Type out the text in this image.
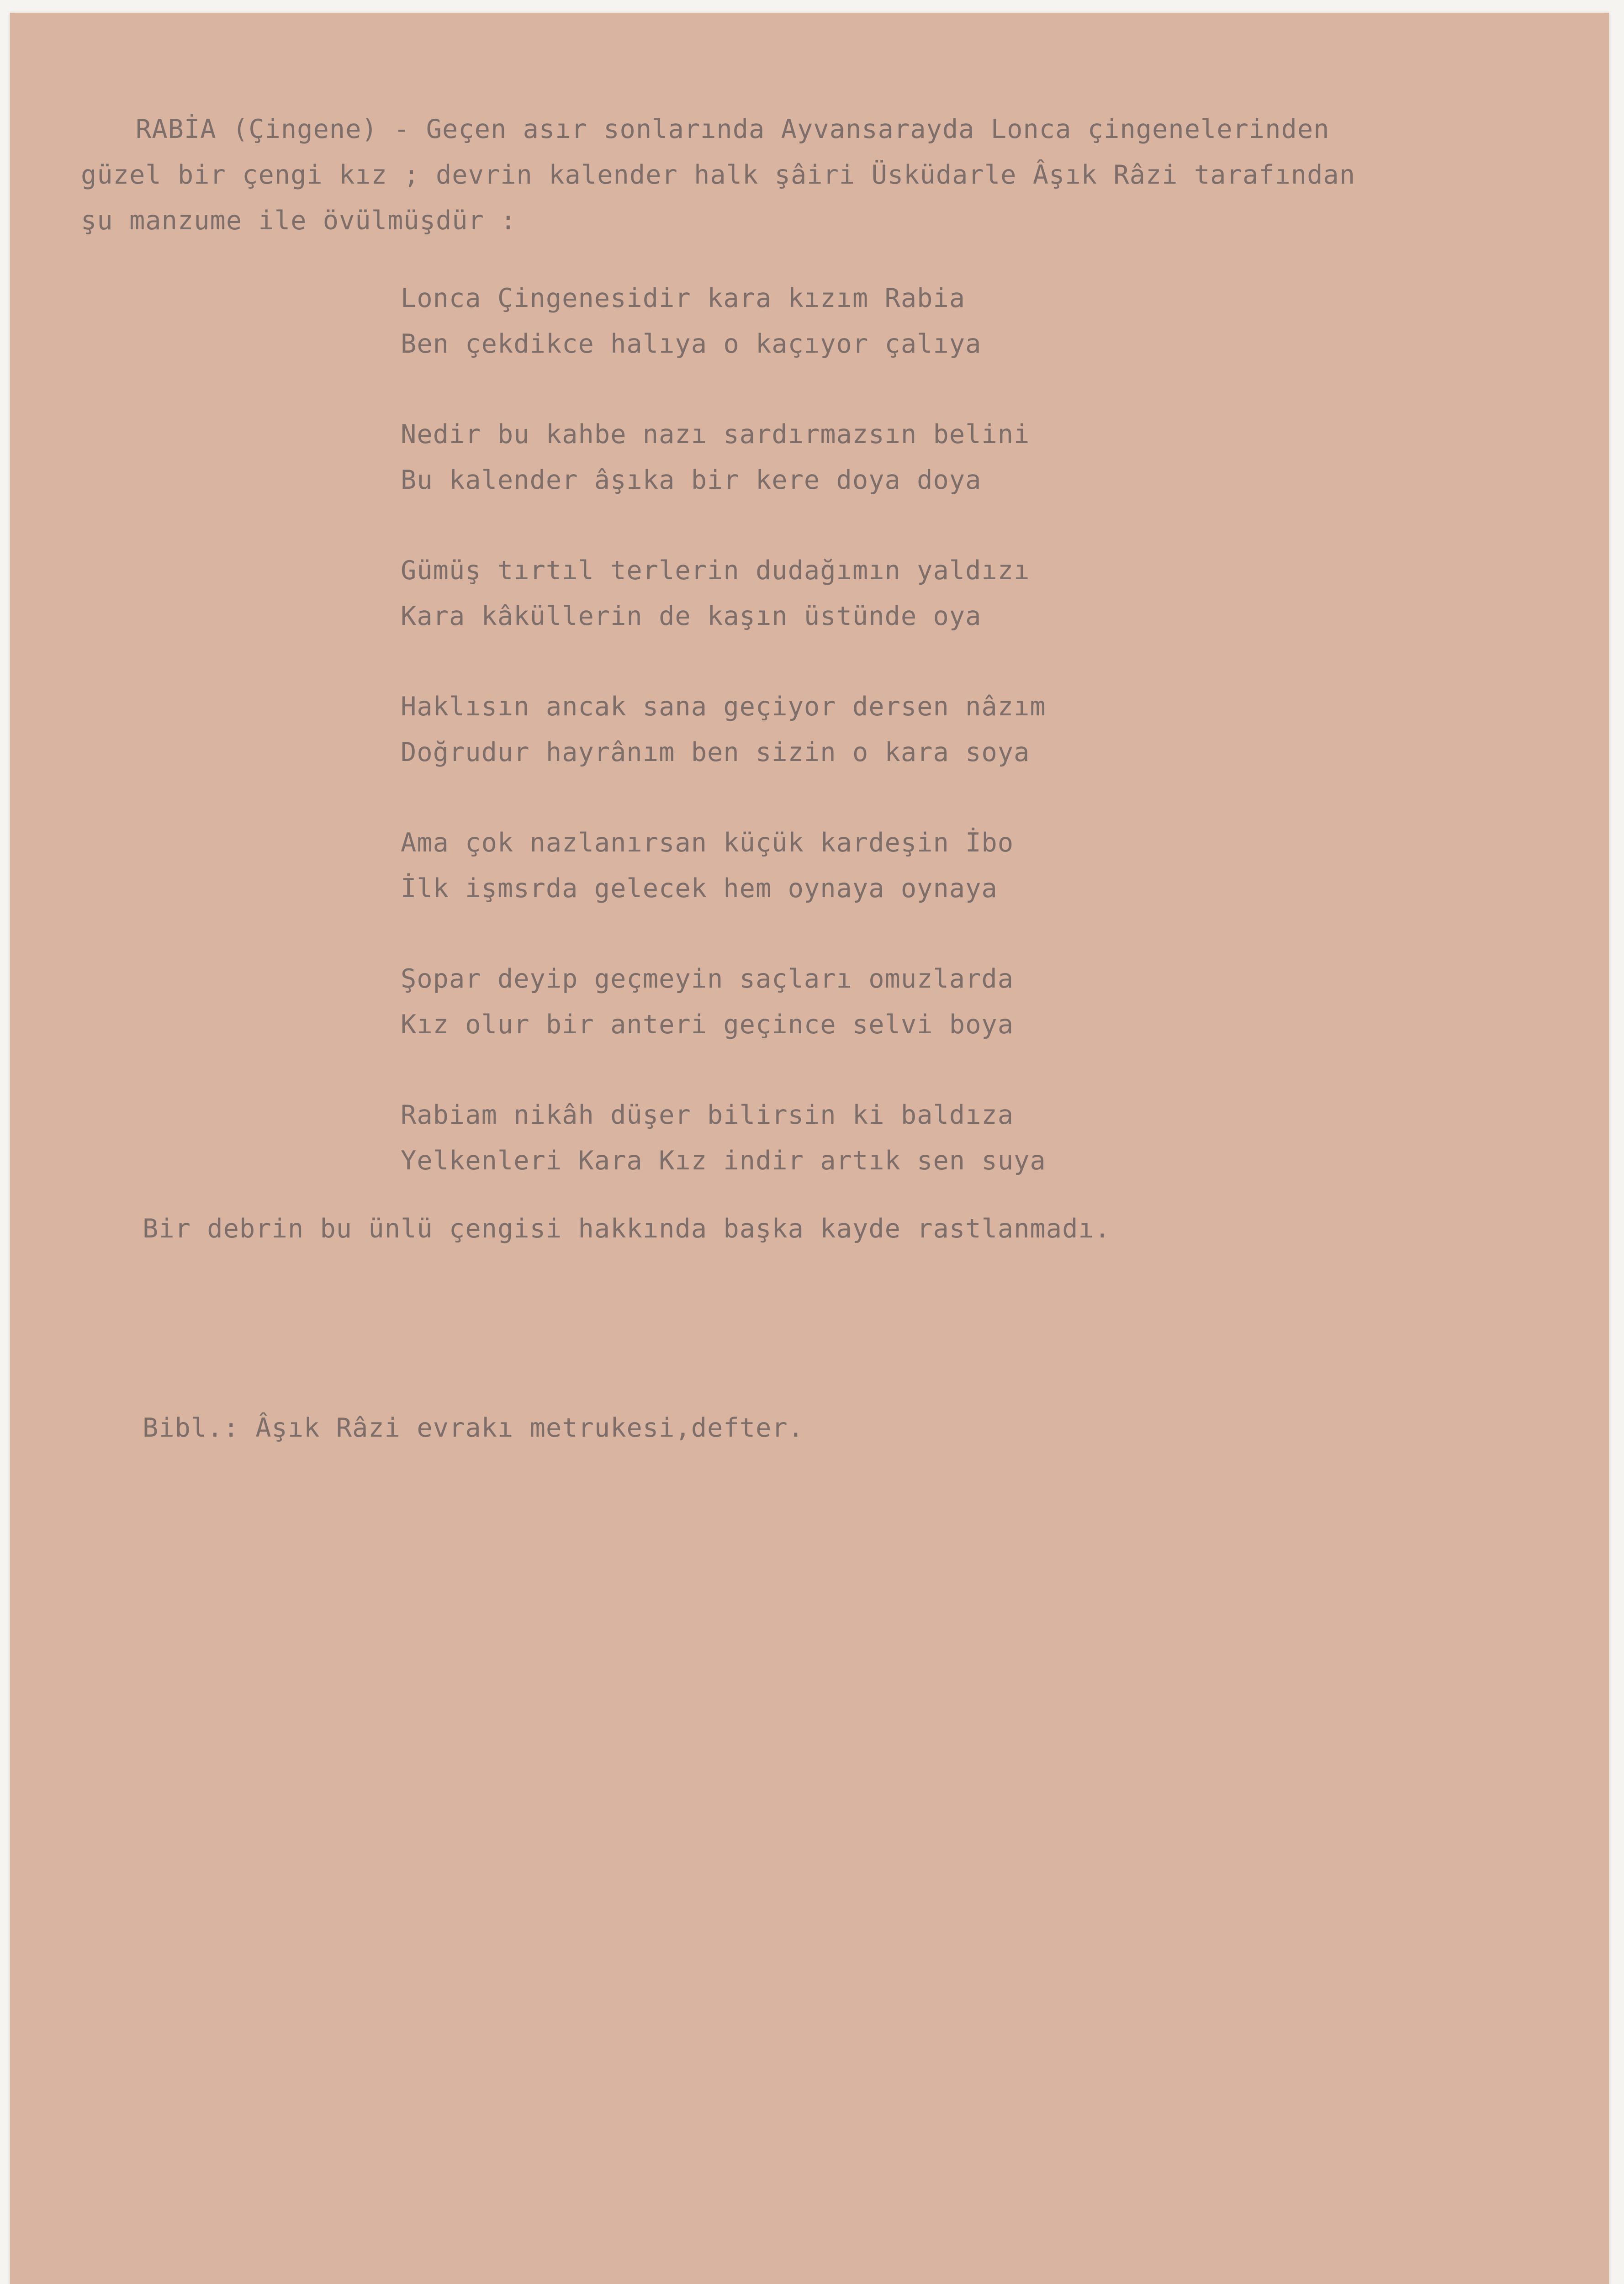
RABİA (Çingene) - Geçen asır sonlarında Ayvansarayda Lonca çingenelerinden
güzel bir çengi kız ; devrin kalender halk şâiri Üsküdarle Âşık Râzi tarafından
şu manzume ile övülmüşdür :
Lonca Çingenesidir kara kızım Rabia
Ben çekdikce halıya o kaçıyor çalıya
Nedir bu kahbe nazı sardırmazsın belini
Bu kalender âşıka bir kere doya doya
Gümüş tırtıl terlerin dudağımın yaldızı
Kara kâküllerin de kaşın üstünde oya
Haklısın ancak sana geçiyor dersen nâzım
Doğrudur hayrânım ben sizin o kara soya
Ama çok nazlanırsan küçük kardeşin İbo
İlk işmsrda gelecek hem oynaya oynaya
Şopar deyip geçmeyin saçları omuzlarda
Kız olur bir anteri geçince selvi boya
Rabiam nikâh düşer bilirsin ki baldıza
Yelkenleri Kara Kız indir artık sen suya
Bir debrin bu ünlü çengisi hakkında başka kayde rastlanmadı.
Bibl.: Âşık Râzi evrakı metrukesi,defter.
